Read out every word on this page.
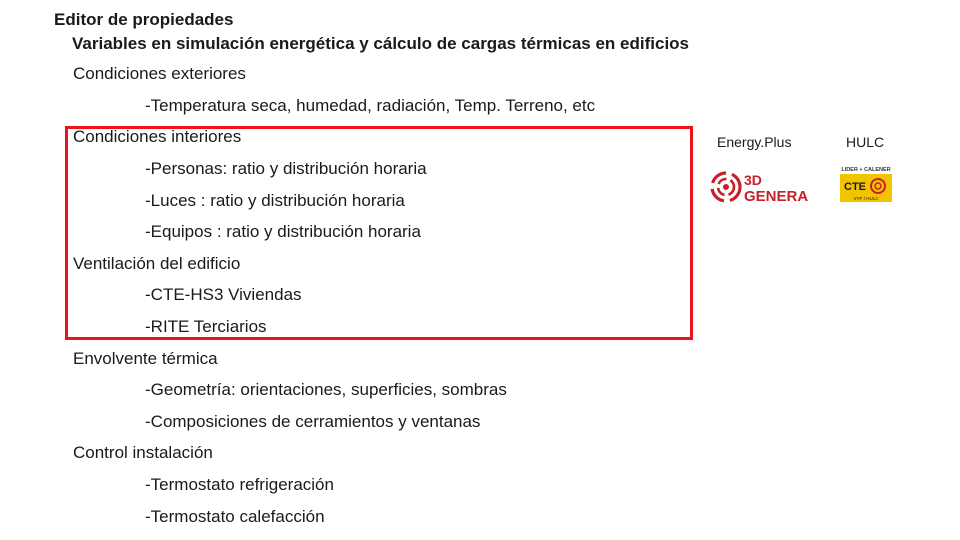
Editor de propiedades
Variables en simulación energética y cálculo de cargas térmicas en edificios
Condiciones exteriores
-Temperatura seca, humedad, radiación, Temp. Terreno, etc
Condiciones interiores
-Personas: ratio y distribución horaria
-Luces : ratio y distribución horaria
-Equipos : ratio y distribución horaria
Ventilación del edificio
-CTE-HS3 Viviendas
-RITE Terciarios
Envolvente térmica
-Geometría: orientaciones, superficies, sombras
-Composiciones de cerramientos y ventanas
Control instalación
-Termostato refrigeración
-Termostato calefacción
Energy.Plus	HULC
3D
GENERA
LIDER + CALENER
CTE
VYP / HULC
